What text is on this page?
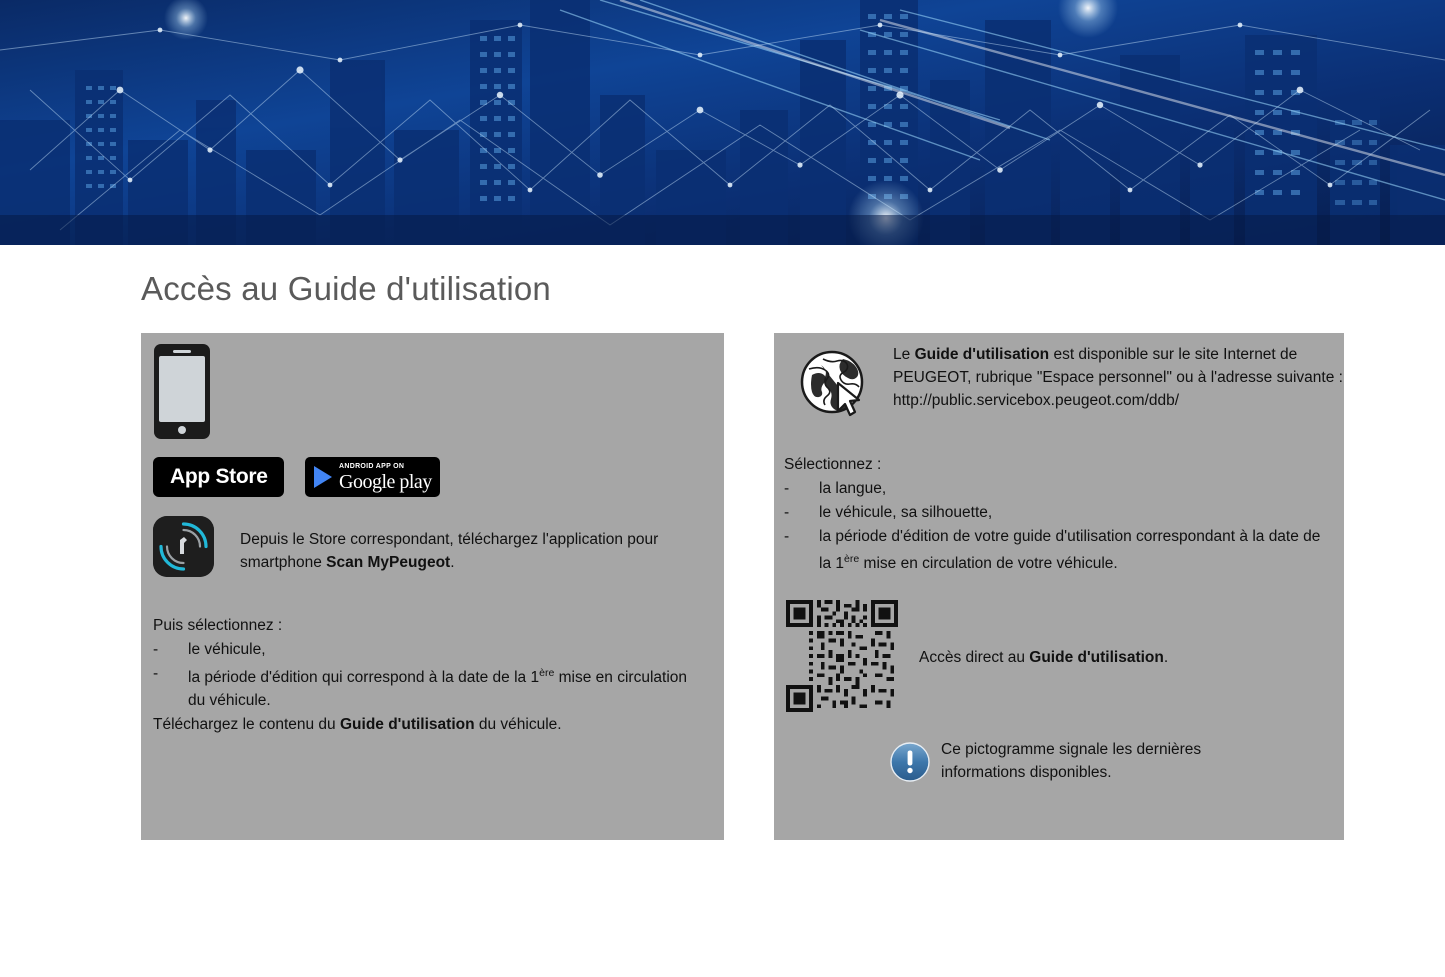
Accès au Guide d'utilisation
App Store	ANDROID APP ON
Google play
Depuis le Store correspondant, téléchargez l'application pour smartphone Scan MyPeugeot.
Puis sélectionnez :
-	le véhicule,
-	la période d'édition qui correspond à la date de la 1ère mise en circulation du véhicule.
Téléchargez le contenu du Guide d'utilisation du véhicule.
Le Guide d'utilisation est disponible sur le site Internet de PEUGEOT, rubrique "Espace personnel" ou à l'adresse suivante :
http://public.servicebox.peugeot.com/ddb/
Sélectionnez :
-	la langue,
-	le véhicule, sa silhouette,
-	la période d'édition de votre guide d'utilisation correspondant à la date de la 1ère mise en circulation de votre véhicule.
Accès direct au Guide d'utilisation.
Ce pictogramme signale les dernières informations disponibles.
